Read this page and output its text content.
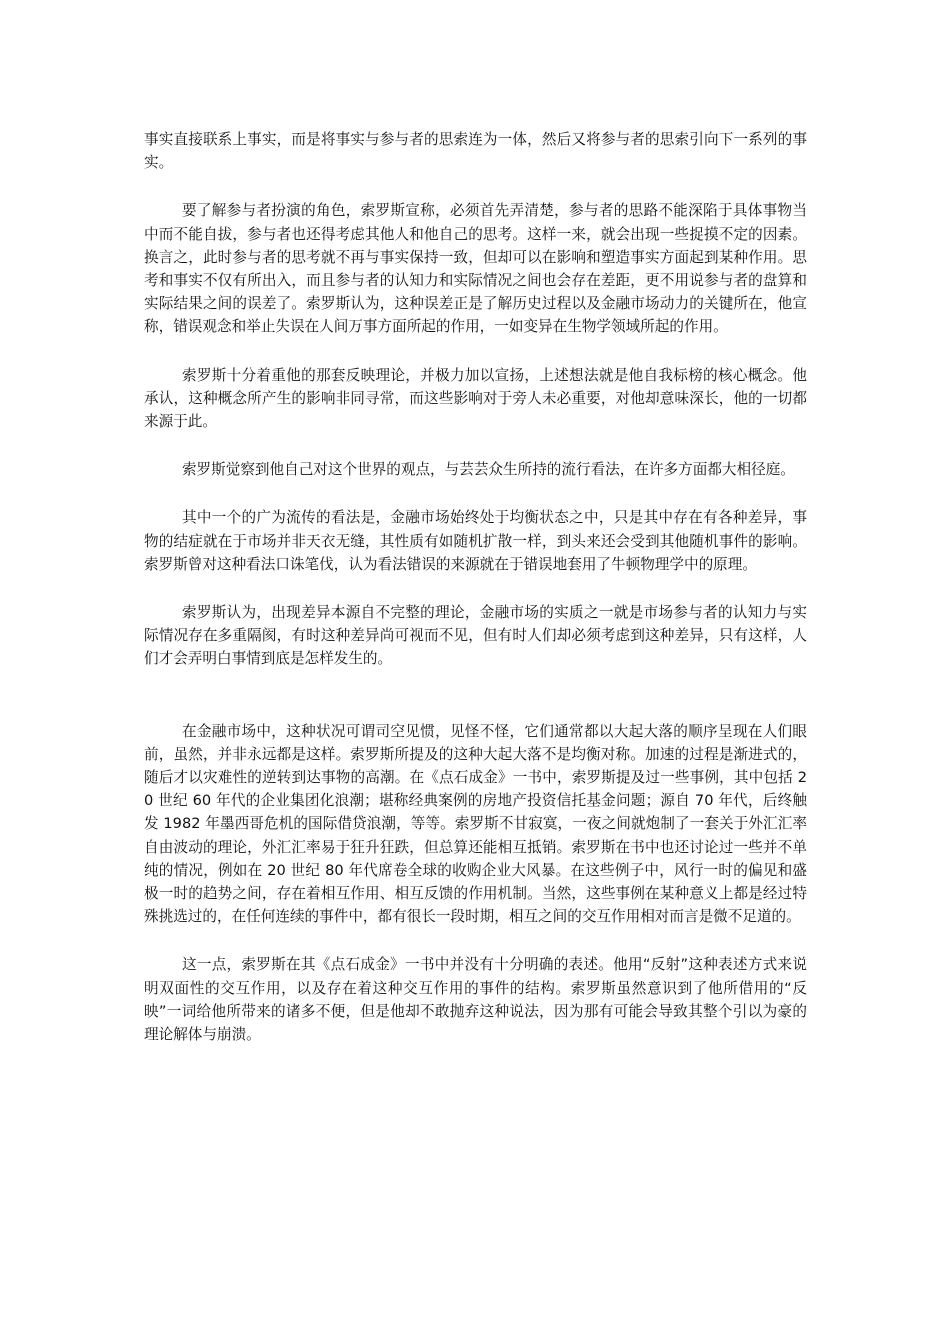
事实直接联系上事实，而是将事实与参与者的思索连为一体，然后又将参与者的思索引向下一系列的事实。

要了解参与者扮演的角色，索罗斯宣称，必须首先弄清楚，参与者的思路不能深陷于具体事物当中而不能自拔，参与者也还得考虑其他人和他自己的思考。这样一来，就会出现一些捉摸不定的因素。换言之，此时参与者的思考就不再与事实保持一致，但却可以在影响和塑造事实方面起到某种作用。思考和事实不仅有所出入，而且参与者的认知力和实际情况之间也会存在差距，更不用说参与者的盘算和实际结果之间的误差了。索罗斯认为，这种误差正是了解历史过程以及金融市场动力的关键所在，他宣称，错误观念和举止失误在人间万事方面所起的作用，一如变异在生物学领域所起的作用。

索罗斯十分着重他的那套反映理论，并极力加以宣扬，上述想法就是他自我标榜的核心概念。他承认，这种概念所产生的影响非同寻常，而这些影响对于旁人未必重要，对他却意味深长，他的一切都来源于此。

索罗斯觉察到他自己对这个世界的观点，与芸芸众生所持的流行看法，在许多方面都大相径庭。

其中一个的广为流传的看法是，金融市场始终处于均衡状态之中，只是其中存在有各种差异，事物的结症就在于市场并非天衣无缝，其性质有如随机扩散一样，到头来还会受到其他随机事件的影响。索罗斯曾对这种看法口诛笔伐，认为看法错误的来源就在于错误地套用了牛顿物理学中的原理。

索罗斯认为，出现差异本源自不完整的理论，金融市场的实质之一就是市场参与者的认知力与实际情况存在多重隔阂，有时这种差异尚可视而不见，但有时人们却必须考虑到这种差异，只有这样，人们才会弄明白事情到底是怎样发生的。

在金融市场中，这种状况可谓司空见惯，见怪不怪，它们通常都以大起大落的顺序呈现在人们眼前，虽然，并非永远都是这样。索罗斯所提及的这种大起大落不是均衡对称。加速的过程是渐进式的，随后才以灾难性的逆转到达事物的高潮。在《点石成金》一书中，索罗斯提及过一些事例，其中包括 20 世纪 60 年代的企业集团化浪潮；堪称经典案例的房地产投资信托基金问题；源自 70 年代，后终触发 1982 年墨西哥危机的国际借贷浪潮，等等。索罗斯不甘寂寞，一夜之间就炮制了一套关于外汇汇率自由波动的理论，外汇汇率易于狂升狂跌，但总算还能相互抵销。索罗斯在书中也还讨论过一些并不单纯的情况，例如在 20 世纪 80 年代席卷全球的收购企业大风暴。在这些例子中，风行一时的偏见和盛极一时的趋势之间，存在着相互作用、相互反馈的作用机制。当然，这些事例在某种意义上都是经过特殊挑选过的，在任何连续的事件中，都有很长一段时期，相互之间的交互作用相对而言是微不足道的。

这一点，索罗斯在其《点石成金》一书中并没有十分明确的表述。他用“反射”这种表述方式来说明双面性的交互作用，以及存在着这种交互作用的事件的结构。索罗斯虽然意识到了他所借用的“反映”一词给他所带来的诸多不便，但是他却不敢抛弃这种说法，因为那有可能会导致其整个引以为豪的理论解体与崩溃。
